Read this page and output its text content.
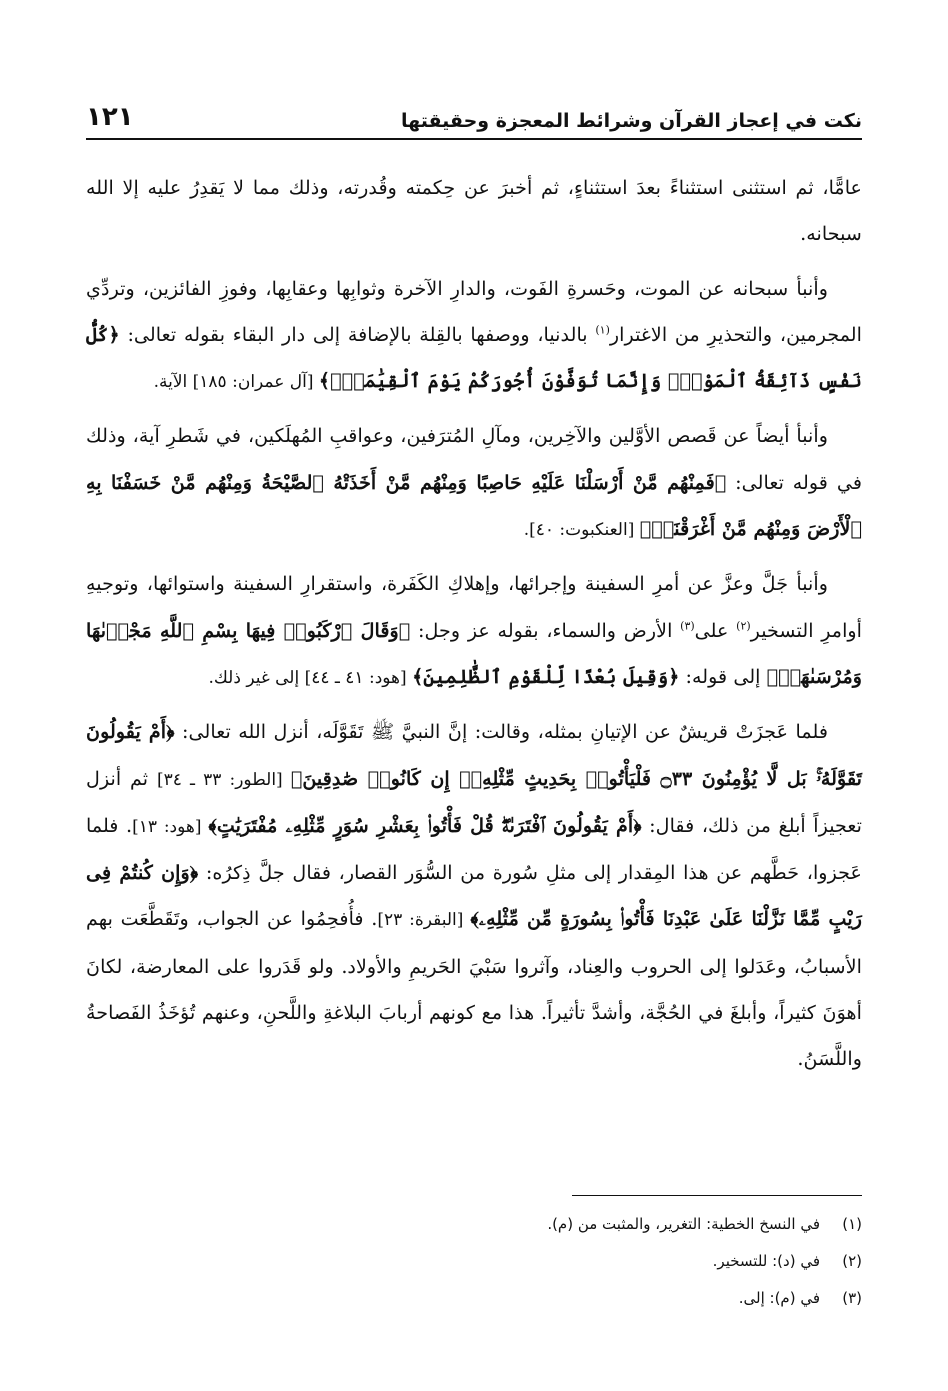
نكت في إعجاز القرآن وشرائط المعجزة وحقيقتها
١٢١

عامًّا، ثم استثنى استثناءً بعدَ استثناءٍ، ثم أخبرَ عن حِكمته وقُدرته، وذلك مما لا يَقدِرُ عليه إلا الله سبحانه.

وأنبأ سبحانه عن الموت، وحَسرةِ الفَوت، والدارِ الآخرة وثوابِها وعقابِها، وفوزِ الفائزين، وتردِّي المجرمين، والتحذيرِ من الاغترار$^{(١)}$ بالدنيا، ووصفها بالقِلة بالإضافة إلى دار البقاء بقوله تعالى: ﴿كُلُّ نَفْسٍ ذَآئِقَةُ ٱلْمَوْتِۗ وَإِنَّمَا تُوَفَّوْنَ أُجُورَكُمْ يَوْمَ ٱلْقِيَٰمَةِۖ﴾ [آل عمران: ١٨٥] الآية.

وأنبأ أيضاً عن قَصص الأوَّلين والآخِرين، ومآلِ المُترَفين، وعواقبِ المُهلَكين، في شَطرِ آية، وذلك في قوله تعالى: ﴿فَمِنْهُم مَّنْ أَرْسَلْنَا عَلَيْهِ حَاصِبًا وَمِنْهُم مَّنْ أَخَذَتْهُ ٱلصَّيْحَةُ وَمِنْهُم مَّنْ خَسَفْنَا بِهِ ٱلْأَرْضَ وَمِنْهُم مَّنْ أَغْرَقْنَاۚ﴾ [العنكبوت: ٤٠].

وأنبأ جَلَّ وعزَّ عن أمرِ السفينة وإجرائها، وإهلاكِ الكَفَرة، واستقرارِ السفينة واستوائها، وتوجيهِ أوامرِ التسخير$^{(٢)}$ على$^{(٣)}$ الأرض والسماء، بقوله عز وجل: ﴿وَقَالَ ٱرْكَبُوا۟ فِيهَا بِسْمِ ٱللَّهِ مَجْر۪ىٰهَا وَمُرْسَىٰهَآۚ﴾ إلى قوله: ﴿وَقِيلَ بُعْدًا لِّلْقَوْمِ ٱلظَّٰلِمِينَ﴾ [هود: ٤١ ـ ٤٤] إلى غير ذلك.

فلما عَجزَتْ قريشٌ عن الإتيانِ بمثله، وقالت: إنَّ النبيَّ ﷺ تَقَوَّلَه، أنزل الله تعالى: ﴿أَمْ يَقُولُونَ تَقَوَّلَهُۥۚ بَل لَّا يُؤْمِنُونَ ۝٣٣ فَلْيَأْتُوا۟ بِحَدِيثٍ مِّثْلِهِۦٓ إِن كَانُوا۟ صَٰدِقِينَ﴾ [الطور: ٣٣ ـ ٣٤] ثم أنزل تعجيزاً أبلغ من ذلك، فقال: ﴿أَمْ يَقُولُونَ ٱفْتَرَىٰهُۖ قُلْ فَأْتُوا۟ بِعَشْرِ سُوَرٍ مِّثْلِهِۦ مُفْتَرَيَٰتٍ﴾ [هود: ١٣]. فلما عَجزوا، حَطَّهم عن هذا المِقدار إلى مثلِ سُورة من السُّوَر القصار، فقال جلَّ ذِكرُه: ﴿وَإِن كُنتُمْ فِى رَيْبٍ مِّمَّا نَزَّلْنَا عَلَىٰ عَبْدِنَا فَأْتُوا۟ بِسُورَةٍ مِّن مِّثْلِهِۦ﴾ [البقرة: ٢٣]. فأُفحِمُوا عن الجواب، وتَقَطَّعَت بهم الأسبابُ، وعَدَلوا إلى الحروب والعِناد، وآثروا سَبْيَ الحَريمِ والأولاد. ولو قَدَروا على المعارضة، لكانَ أهوَنَ كثيراً، وأبلغَ في الحُجَّة، وأشدَّ تأثيراً. هذا مع كونهم أربابَ البلاغةِ واللَّحنِ، وعنهم تُؤخَذُ الفَصاحةُ واللَّسَنُ.

(١)
في النسخ الخطية: التغرير، والمثبت من (م).
(٢)
في (د): للتسخير.
(٣)
في (م): إلى.
